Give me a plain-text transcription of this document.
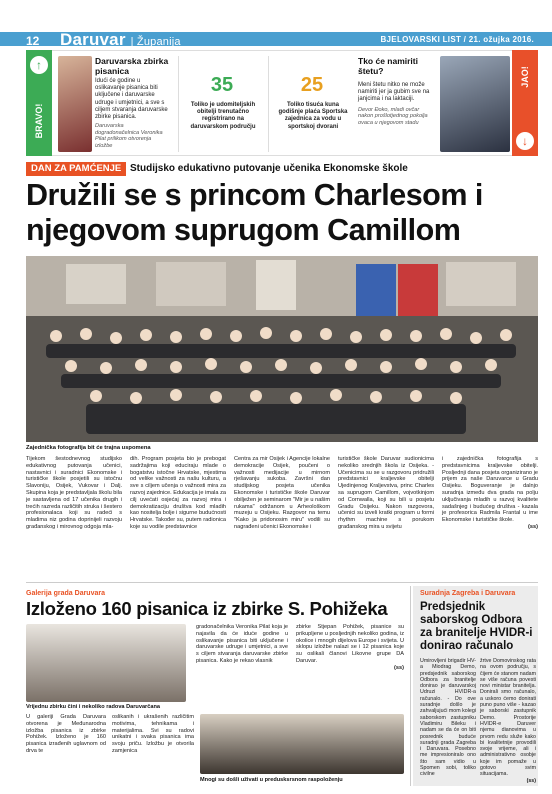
12 Daruvar | Županija	BJELOVARSKI LIST / 21. ožujka 2016.
↑
BRAVO!
JAO!
↓
Daruvarska zbirka pisanica
Idući će godine u oslikavanje pisanica biti uključene i daruvarske udruge i umjetnici, a sve s ciljem stvaranja daruvarske zbirke pisanica.
Daruvarska dogradonačelnica Veronika Pilat prilikom otvorenja izložbe
35
Toliko je udomiteljskih obitelji trenutačno registrirano na daruvarskom području
25
Toliko tisuća kuna godišnje plaća Sportska zajednica za vodu u sportskoj dvorani
Tko će namiriti štetu?
Meni štetu nitko ne može namiriti jer ja gubim sve na janjcima i na laktaciji.
Devor Đoko, mladi ovčar nakon prošlotjednog pokolja ovaca u njegovom stadu
DAN ZA PAMĆENJE Studijsko edukativno putovanje učenika Ekonomske škole
Družili se s princom Charlesom i
njegovom suprugom Camillom
Zajednička fotografija bit će trajna uspomena
Tijekom šestodnevnog studijsko edukativnog putovanja učenici, nastavnici i suradnici Ekonomske i turističke škole posjetili su istočnu Slavoniju, Osijek, Vukovar i Dalj. Skupina koja je predstavljala školu bila je sastavljena od 17 učenika drugih i trećih razreda različitih struka i šestero profesionalaca koji su radeći s mladima niz godina doprinijeli razvoju građanskog i mirovnog odgoja mla-
dih. Program posjeta bio je prebogat sadržajima koji educiraju mlade o bogatstvu istočne Hrvatske, mjestima od velike važnosti za našu kulturu, a sve s ciljem učenja o važnosti mira za razvoj zajednice. Edukacija je imala za cilj uvećati osjećaj za razvoj mira i demokratizaciju društva kod mladih kao nositelja bolje i sigurne budućnosti Hrvatske. Također su, putem radionica koje su vodile predstavnice
Centra za mir Osijek i Agencije lokalne demokracije Osijek, poučeni o važnosti medijacije u mirnom rješavanju sukoba. Završni dan studijskog posjeta učenika Ekonomske i turističke škole Daruvar obilježen je seminarom "Mir je u našim rukama" održanom u Arheološkom muzeju u Osijeku. Razgovor na temu "Kako ja pridonosim miru" vodili su nagrađeni učenici Ekonomske i
turističke škole Daruvar sudionicima nekoliko srednjih škola iz Osijeka. - Učenicima su se u razgovoru pridružili predstavnici kraljevske obitelji Ujedinjenog Kraljevstva, princ Charles sa suprugom Camillom, vojvotkinjom od Cornwalla, koji su bili u posjetu Gradu Osijeku. Nakon razgovora, učenici su izveli kratki program u formi rhythm machine s porukom građanskog mira u svijetu
i zajednička fotografija s predstavnicima kraljevske obitelji. Posljednji dana posjeta organizirano je prijem za naše Daruvarce u Gradu Osijeku. Boguveranje je dalnjo suradnja između dva grada na polju uključivanja mladih u razvoj kvalitete sadašnjeg i budućeg društva - kazala je profesorica Radmila Frantal u ime Ekonomske i turističke škole.
(ss)
Galerija grada Daruvara
Izloženo 160 pisanica iz zbirke S. Pohižeka
Vrijednu zbirku čini i nekoliko radova Daruvarčana
gradonačelnika Veronika Pilat koja je najavila da će iduće godine u oslikavanje pisanica biti uključene i daruvarske udruge i umjetnici, a sve s ciljem stvaranja daruvarske zbirke pisanica. Kako je rekao vlasnik
zbirke Stjepan Pohižek, pisanice su prikupljene u posljednjih nekoliko godina, iz okolice i mnogih dijelova Europe i svijeta. U sklopu izložbe nalazi se i 12 pisanica koje su oslikali članovi Likovne grupe DA Daruvar.
(ss)
U galeriji Grada Daruvara otvorena je Međunarodna izložba pisanica iz zbirke Pohižek. Izloženo je 160 pisanica izrađenih uglavnom od drva te
oslikanih i ukrašenih različitim motivima, tehnikama i materijalima. Svi su radovi unikatni i svaka pisanica ima svoju priču. Izložbu je otvorila zamjenica
Mnogi su došli uživati u predusksrsnom raspoloženju
Suradnja Zagreba i Daruvara
Predsjednik saborskog Odbora za branitelje HVIDR-i donirao računalo
Umirovljeni brigadir HV-a Miodrag Demo, predsjednik saborskog Odbora za branitelje donirao je daruvarskoj Udruzi HVIDR-a računalo. - Do ove suradnje došlo je zahvaljujući mom kolegi saborskom zastupniku Vladimiru Bileku i nadam se da će on biti posrednik buduće suradnji grada Zagreba i Daruvara. Posebno me impresioniralo ono što sam vidio u Spomen sobi, toliko civilne
žrtve Domovinskog rata na ovom području, s čijem će stanom nadam se više računa povesti novi ministar branitelja. Donirali smo računalo, a uskoro ćemo donirati puno puno više - kazao je saborski zastupnik Demo. Prostorije HVIDR-e Daruver njemu dianovima u prvom redu služe kako bi kvalitetnije provodili svoje vrijeme, ali i administrativno osobje koje im pomaže u gotovo svim situacijama.
(ss)
